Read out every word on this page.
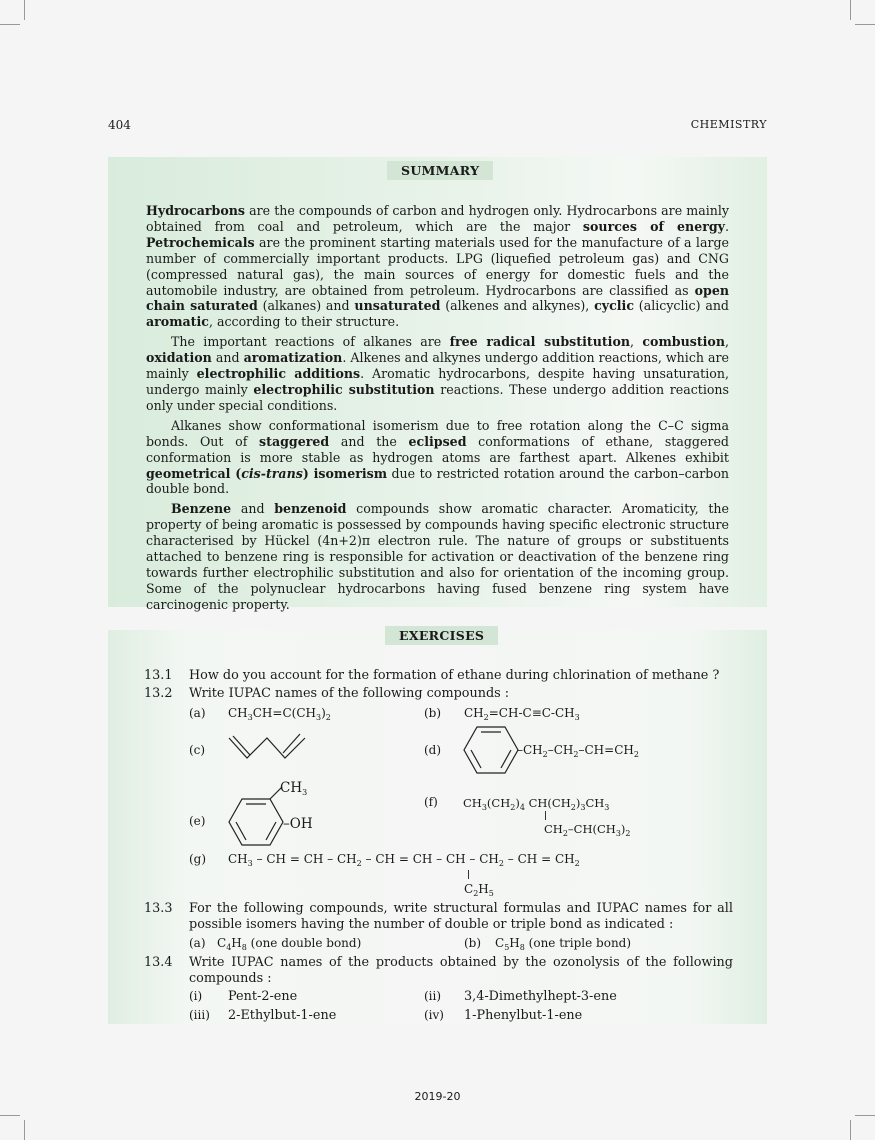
404	CHEMISTRY
SUMMARY

Hydrocarbons are the compounds of carbon and hydrogen only. Hydrocarbons are mainly obtained from coal and petroleum, which are the major sources of energy. Petrochemicals are the prominent starting materials used for the manufacture of a large number of commercially important products. LPG (liquefied petroleum gas) and CNG (compressed natural gas), the main sources of energy for domestic fuels and the automobile industry, are obtained from petroleum. Hydrocarbons are classified as open chain saturated (alkanes) and unsaturated (alkenes and alkynes), cyclic (alicyclic) and aromatic, according to their structure.

The important reactions of alkanes are free radical substitution, combustion, oxidation and aromatization. Alkenes and alkynes undergo addition reactions, which are mainly electrophilic additions. Aromatic hydrocarbons, despite having unsaturation, undergo mainly electrophilic substitution reactions. These undergo addition reactions only under special conditions.

Alkanes show conformational isomerism due to free rotation along the C–C sigma bonds. Out of staggered and the eclipsed conformations of ethane, staggered conformation is more stable as hydrogen atoms are farthest apart. Alkenes exhibit geometrical (cis-trans) isomerism due to restricted rotation around the carbon–carbon double bond.

Benzene and benzenoid compounds show aromatic character. Aromaticity, the property of being aromatic is possessed by compounds having specific electronic structure characterised by Hückel (4n+2)π electron rule. The nature of groups or substituents attached to benzene ring is responsible for activation or deactivation of the benzene ring towards further electrophilic substitution and also for orientation of the incoming group. Some of the polynuclear hydrocarbons having fused benzene ring system have carcinogenic property.

EXERCISES
13.1 How do you account for the formation of ethane during chlorination of methane ?
13.2 Write IUPAC names of the following compounds :
(a) $CH_3CH=C(CH_3)_2$	(b) $CH_2=CH-C\equiv C-CH_3$
(c)	(d)	$-CH_2-CH_2-CH=CH_2$
(e)
$CH_3$
–OH
(f) $CH_3(CH_2)_4$ $CH(CH_2)_3CH_3$
$CH_2-CH(CH_3)_2$
(g) $CH_3$ – CH = CH – $CH_2$ – CH = CH – CH – $CH_2$ – CH = $CH_2$
$C_2H_5$
13.3 For the following compounds, write structural formulas and IUPAC names for all possible isomers having the number of double or triple bond as indicated :
(a) $C_4H_8$ (one double bond)	(b) $C_5H_8$ (one triple bond)
13.4 Write IUPAC names of the products obtained by the ozonolysis of the following compounds :
(i) Pent-2-ene	(ii) 3,4-Dimethylhept-3-ene
(iii) 2-Ethylbut-1-ene	(iv) 1-Phenylbut-1-ene
2019-20
